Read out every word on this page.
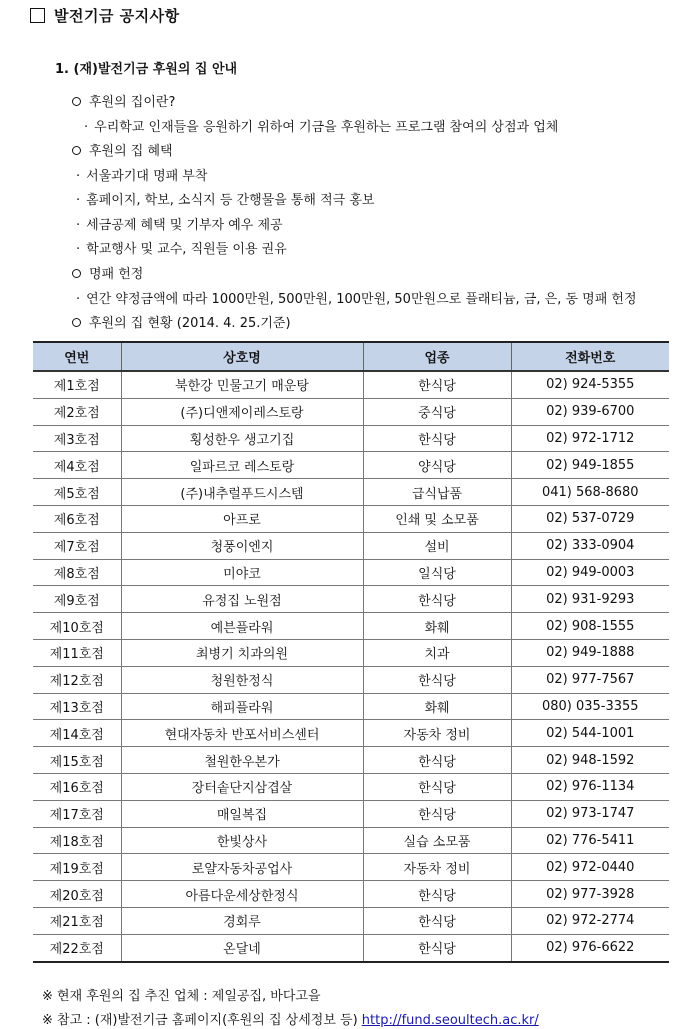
발전기금 공지사항
1. (재)발전기금 후원의 집 안내
후원의 집이란?
· 우리학교 인재들을 응원하기 위하여 기금을 후원하는 프로그램 참여의 상점과 업체
후원의 집 혜택
· 서울과기대 명패 부착
· 홈페이지, 학보, 소식지 등 간행물을 통해 적극 홍보
· 세금공제 혜택 및 기부자 예우 제공
· 학교행사 및 교수, 직원들 이용 권유
명패 헌정
· 연간 약정금액에 따라 1000만원, 500만원, 100만원, 50만원으로 플래티늄, 금, 은, 동 명패 헌정
후원의 집 현황 (2014. 4. 25.기준)
연번	상호명	업종	전화번호
제1호점	북한강 민물고기 매운탕	한식당	02) 924-5355
제2호점	(주)디앤제이레스토랑	중식당	02) 939-6700
제3호점	횡성한우 생고기집	한식당	02) 972-1712
제4호점	일파르코 레스토랑	양식당	02) 949-1855
제5호점	(주)내추럴푸드시스템	급식납품	041) 568-8680
제6호점	아프로	인쇄 및 소모품	02) 537-0729
제7호점	청풍이엔지	설비	02) 333-0904
제8호점	미야코	일식당	02) 949-0003
제9호점	유정집 노원점	한식당	02) 931-9293
제10호점	예븐플라워	화훼	02) 908-1555
제11호점	최병기 치과의원	치과	02) 949-1888
제12호점	청원한정식	한식당	02) 977-7567
제13호점	해피플라워	화훼	080) 035-3355
제14호점	현대자동차 반포서비스센터	자동차 정비	02) 544-1001
제15호점	철원한우본가	한식당	02) 948-1592
제16호점	장터솥단지삼겹살	한식당	02) 976-1134
제17호점	매일복집	한식당	02) 973-1747
제18호점	한빛상사	실습 소모품	02) 776-5411
제19호점	로얄자동차공업사	자동차 정비	02) 972-0440
제20호점	아름다운세상한정식	한식당	02) 977-3928
제21호점	경회루	한식당	02) 972-2774
제22호점	온달네	한식당	02) 976-6622
※ 현재 후원의 집 추진 업체 : 제일공집, 바다고을
※ 참고 : (재)발전기금 홈페이지(후원의 집 상세정보 등) http://fund.seoultech.ac.kr/
